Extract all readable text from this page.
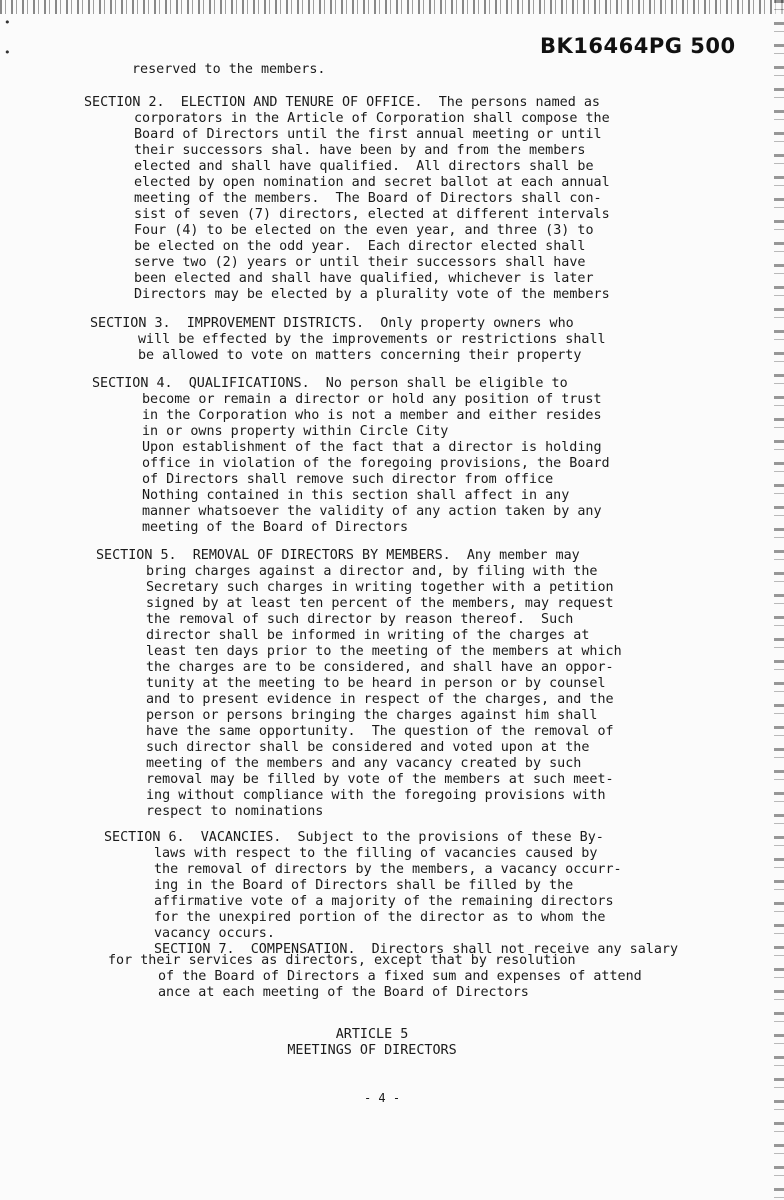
•

•	BK16464PG 500
reserved to the members.
SECTION 2.  ELECTION AND TENURE OF OFFICE.  The persons named as
corporators in the Article of Corporation shall compose the
Board of Directors until the first annual meeting or until
their successors shal. have been by and from the members
elected and shall have qualified.  All directors shall be
elected by open nomination and secret ballot at each annual
meeting of the members.  The Board of Directors shall con-
sist of seven (7) directors, elected at different intervals
Four (4) to be elected on the even year, and three (3) to
be elected on the odd year.  Each director elected shall
serve two (2) years or until their successors shall have
been elected and shall have qualified, whichever is later
Directors may be elected by a plurality vote of the members
SECTION 3.  IMPROVEMENT DISTRICTS.  Only property owners who
will be effected by the improvements or restrictions shall
be allowed to vote on matters concerning their property
SECTION 4.  QUALIFICATIONS.  No person shall be eligible to
become or remain a director or hold any position of trust
in the Corporation who is not a member and either resides
in or owns property within Circle City
Upon establishment of the fact that a director is holding
office in violation of the foregoing provisions, the Board
of Directors shall remove such director from office
Nothing contained in this section shall affect in any
manner whatsoever the validity of any action taken by any
meeting of the Board of Directors
SECTION 5.  REMOVAL OF DIRECTORS BY MEMBERS.  Any member may
bring charges against a director and, by filing with the
Secretary such charges in writing together with a petition
signed by at least ten percent of the members, may request
the removal of such director by reason thereof.  Such
director shall be informed in writing of the charges at
least ten days prior to the meeting of the members at which
the charges are to be considered, and shall have an oppor-
tunity at the meeting to be heard in person or by counsel
and to present evidence in respect of the charges, and the
person or persons bringing the charges against him shall
have the same opportunity.  The question of the removal of
such director shall be considered and voted upon at the
meeting of the members and any vacancy created by such
removal may be filled by vote of the members at such meet-
ing without compliance with the foregoing provisions with
respect to nominations
SECTION 6.  VACANCIES.  Subject to the provisions of these By-
laws with respect to the filling of vacancies caused by
the removal of directors by the members, a vacancy occurr-
ing in the Board of Directors shall be filled by the
affirmative vote of a majority of the remaining directors
for the unexpired portion of the director as to whom the
vacancy occurs.
SECTION 7.  COMPENSATION.  Directors shall not receive any salary
for their services as directors, except that by resolution
of the Board of Directors a fixed sum and expenses of attend
ance at each meeting of the Board of Directors
ARTICLE 5
MEETINGS OF DIRECTORS
- 4 -
